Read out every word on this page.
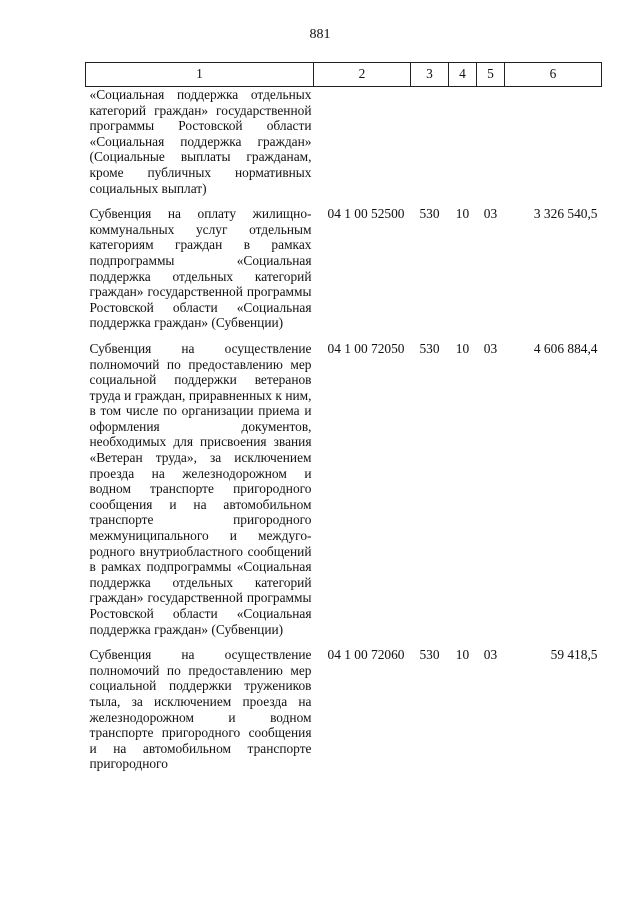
881
1	2	3	4	5	6
«Социальная поддержка отдельных категорий граждан» государственной программы Ростовской области «Социальная поддержка граждан» (Социальные выплаты гражданам, кроме публичных нормативных социальных выплат)					

Субвенция на оплату жилищно-коммунальных услуг отдельным категориям граждан в рамках подпрограммы «Социальная поддержка отдельных категорий граждан» государственной программы Ростовской области «Социальная поддержка граждан» (Субвенции)	04 1 00 52500	530	10	03	3 326 540,5

Субвенция на осуществление полномочий по предоставлению мер социальной поддержки ветеранов труда и граждан, приравненных к ним, в том числе по организации приема и оформления документов, необходимых для присвоения звания «Ветеран труда», за исключением проезда на железнодорожном и водном транспорте пригородного сообщения и на автомобильном транспорте пригородного межмуниципального и междугородного внутриобластного сообщений в рамках подпрограммы «Социальная поддержка отдельных категорий граждан» государственной программы Ростовской области «Социальная поддержка граждан» (Субвенции)	04 1 00 72050	530	10	03	4 606 884,4

Субвенция на осуществление полномочий по предоставлению мер социальной поддержки тружеников тыла, за исключением проезда на железнодорожном и водном транспорте пригородного сообщения и на автомобильном транспорте пригородного	04 1 00 72060	530	10	03	59 418,5
